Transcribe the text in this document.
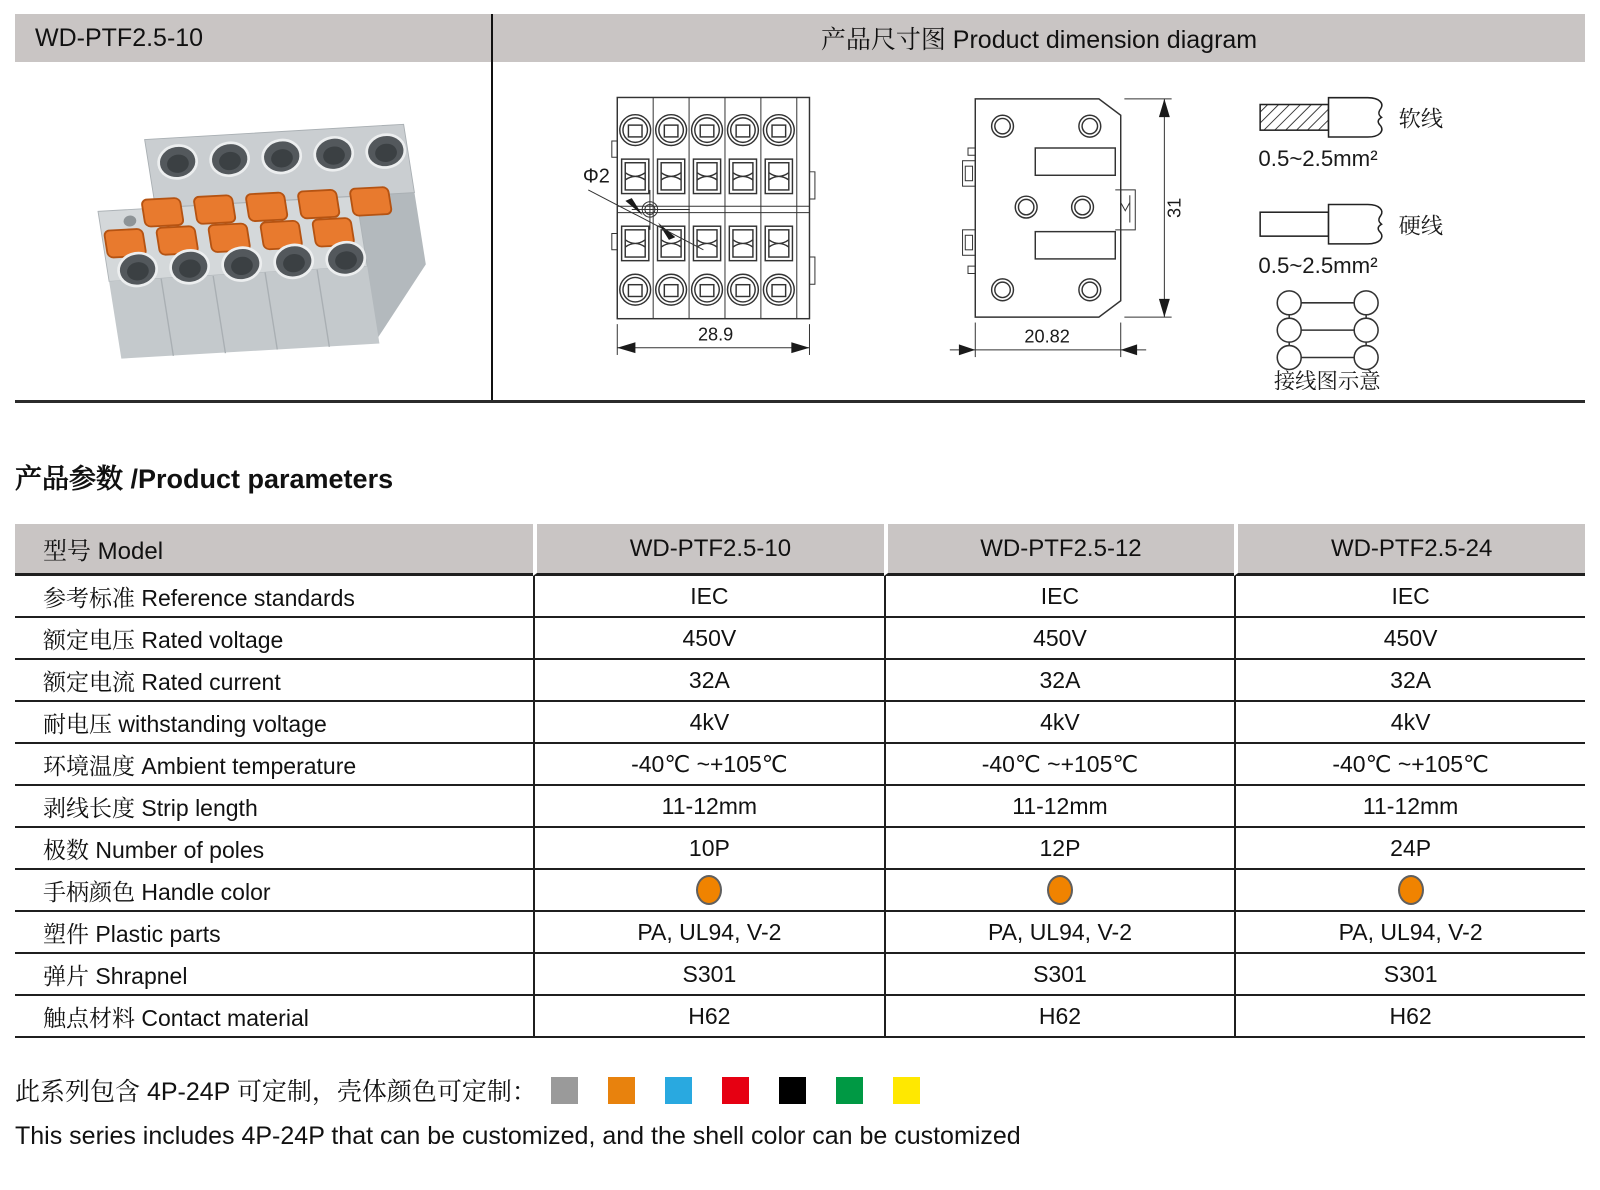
WD-PTF2.5-10	产品尺寸图 Product dimension diagram
Φ2
28.9	20.82
31
软线
0.5~2.5mm²
硬线
0.5~2.5mm²
接线图示意
产品参数 /Product parameters
型号 Model	WD-PTF2.5-10	WD-PTF2.5-12	WD-PTF2.5-24
参考标准 Reference standards	IEC	IEC	IEC
额定电压 Rated voltage	450V	450V	450V
额定电流 Rated current	32A	32A	32A
耐电压 withstanding voltage	4kV	4kV	4kV
环境温度 Ambient temperature	-40℃ ~+105℃	-40℃ ~+105℃	-40℃ ~+105℃
剥线长度 Strip length	11-12mm	11-12mm	11-12mm
极数 Number of poles	10P	12P	24P
手柄颜色 Handle color			
塑件 Plastic parts	PA, UL94, V-2	PA, UL94, V-2	PA, UL94, V-2
弹片 Shrapnel	S301	S301	S301
触点材料 Contact material	H62	H62	H62
此系列包含 4P-24P 可定制，壳体颜色可定制：
This series includes 4P-24P that can be customized, and the shell color can be customized
